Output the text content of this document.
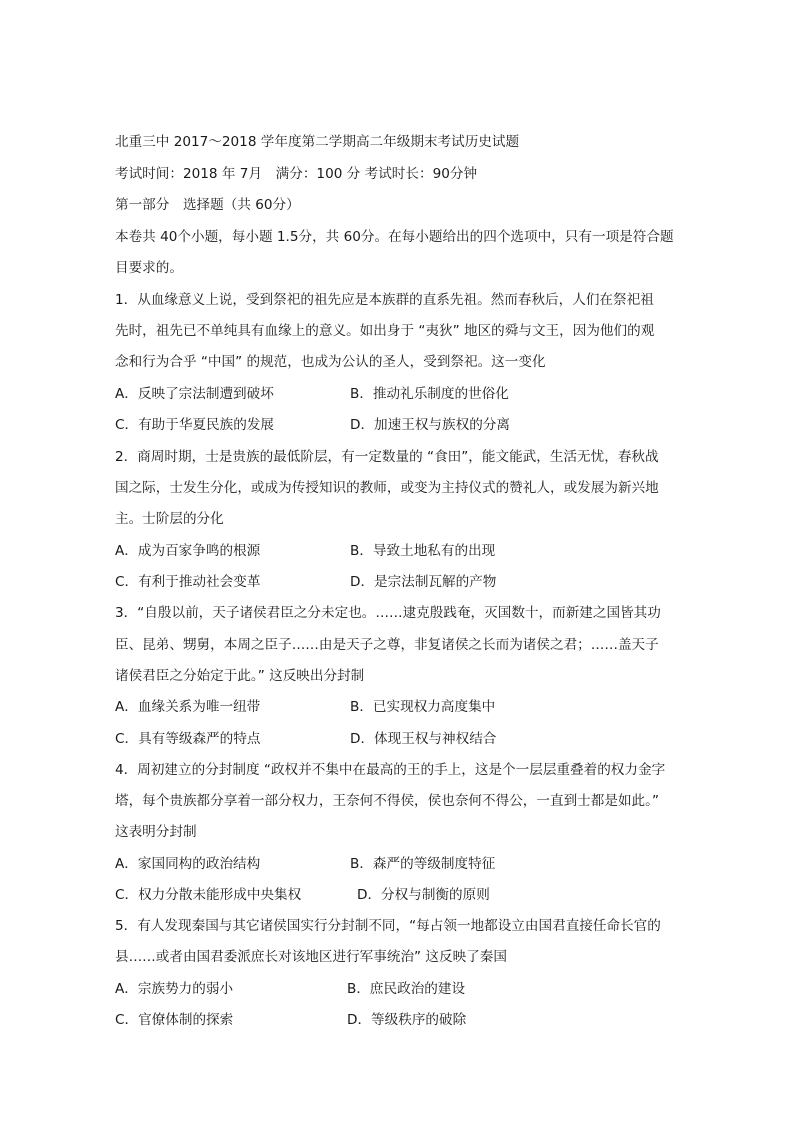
北重三中 2017～2018 学年度第二学期高二年级期末考试历史试题
考试时间：2018 年 7月　满分：100 分 考试时长：90分钟
第一部分　选择题（共 60分）
本卷共 40个小题，每小题 1.5分，共 60分。在每小题给出的四个选项中，只有一项是符合题
目要求的。
1．从血缘意义上说，受到祭祀的祖先应是本族群的直系先祖。然而春秋后，人们在祭祀祖
先时，祖先已不单纯具有血缘上的意义。如出身于 “夷狄” 地区的舜与文王，因为他们的观
念和行为合乎 “中国” 的规范，也成为公认的圣人，受到祭祀。这一变化
A．反映了宗法制遭到破坏	B．推动礼乐制度的世俗化
C．有助于华夏民族的发展	D．加速王权与族权的分离
2．商周时期，士是贵族的最低阶层，有一定数量的 “食田”，能文能武，生活无忧，春秋战
国之际，士发生分化，或成为传授知识的教师，或变为主持仪式的赞礼人，或发展为新兴地
主。士阶层的分化
A．成为百家争鸣的根源	B．导致土地私有的出现
C．有利于推动社会变革	D．是宗法制瓦解的产物
3．“自殷以前，天子诸侯君臣之分未定也。……逮克殷践奄，灭国数十，而新建之国皆其功
臣、昆弟、甥舅，本周之臣子……由是天子之尊，非复诸侯之长而为诸侯之君；……盖天子
诸侯君臣之分始定于此。” 这反映出分封制
A．血缘关系为唯一纽带	B．已实现权力高度集中
C．具有等级森严的特点	D．体现王权与神权结合
4．周初建立的分封制度 “政权并不集中在最高的王的手上，这是个一层层重叠着的权力金字
塔，每个贵族都分享着一部分权力，王奈何不得侯，侯也奈何不得公，一直到士都是如此。”
这表明分封制
A．家国同构的政治结构	B．森严的等级制度特征
C．权力分散未能形成中央集权	D．分权与制衡的原则
5．有人发现秦国与其它诸侯国实行分封制不同，“每占领一地都设立由国君直接任命长官的
县……或者由国君委派庶长对该地区进行军事统治” 这反映了秦国
A．宗族势力的弱小	B．庶民政治的建设
C．官僚体制的探索	D．等级秩序的破除
